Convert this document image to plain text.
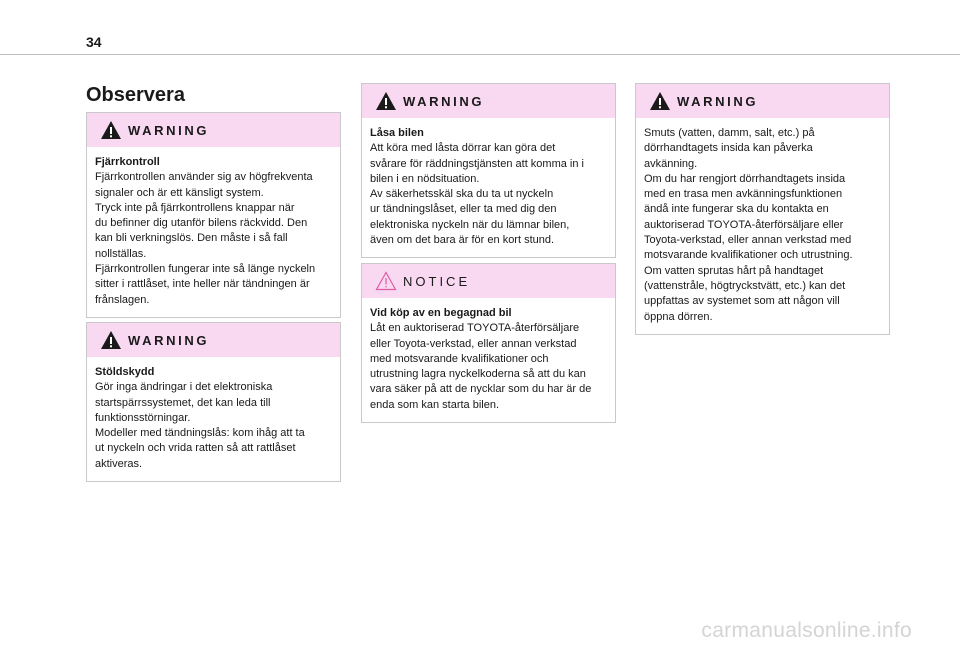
34
Observera
WARNING
Fjärrkontroll
Fjärrkontrollen använder sig av högfrekventa
signaler och är ett känsligt system.
Tryck inte på fjärrkontrollens knappar när
du befinner dig utanför bilens räckvidd. Den
kan bli verkningslös. Den måste i så fall
nollställas.
Fjärrkontrollen fungerar inte så länge nyckeln
sitter i rattlåset, inte heller när tändningen är
frånslagen.
WARNING
Stöldskydd
Gör inga ändringar i det elektroniska
startspärrssystemet, det kan leda till
funktionsstörningar.
Modeller med tändningslås: kom ihåg att ta
ut nyckeln och vrida ratten så att rattlåset
aktiveras.
WARNING
Låsa bilen
Att köra med låsta dörrar kan göra det
svårare för räddningstjänsten att komma in i
bilen i en nödsituation.
Av säkerhetsskäl ska du ta ut nyckeln
ur tändningslåset, eller ta med dig den
elektroniska nyckeln när du lämnar bilen,
även om det bara är för en kort stund.
NOTICE
Vid köp av en begagnad bil
Låt en auktoriserad TOYOTA-återförsäljare
eller Toyota-verkstad, eller annan verkstad
med motsvarande kvalifikationer och
utrustning lagra nyckelkoderna så att du kan
vara säker på att de nycklar som du har är de
enda som kan starta bilen.
WARNING
Smuts (vatten, damm, salt, etc.) på
dörrhandtagets insida kan påverka
avkänning.
Om du har rengjort dörrhandtagets insida
med en trasa men avkänningsfunktionen
ändå inte fungerar ska du kontakta en
auktoriserad TOYOTA-återförsäljare eller
Toyota-verkstad, eller annan verkstad med
motsvarande kvalifikationer och utrustning.
Om vatten sprutas hårt på handtaget
(vattenstråle, högtryckstvätt, etc.) kan det
uppfattas av systemet som att någon vill
öppna dörren.
carmanualsonline.info
